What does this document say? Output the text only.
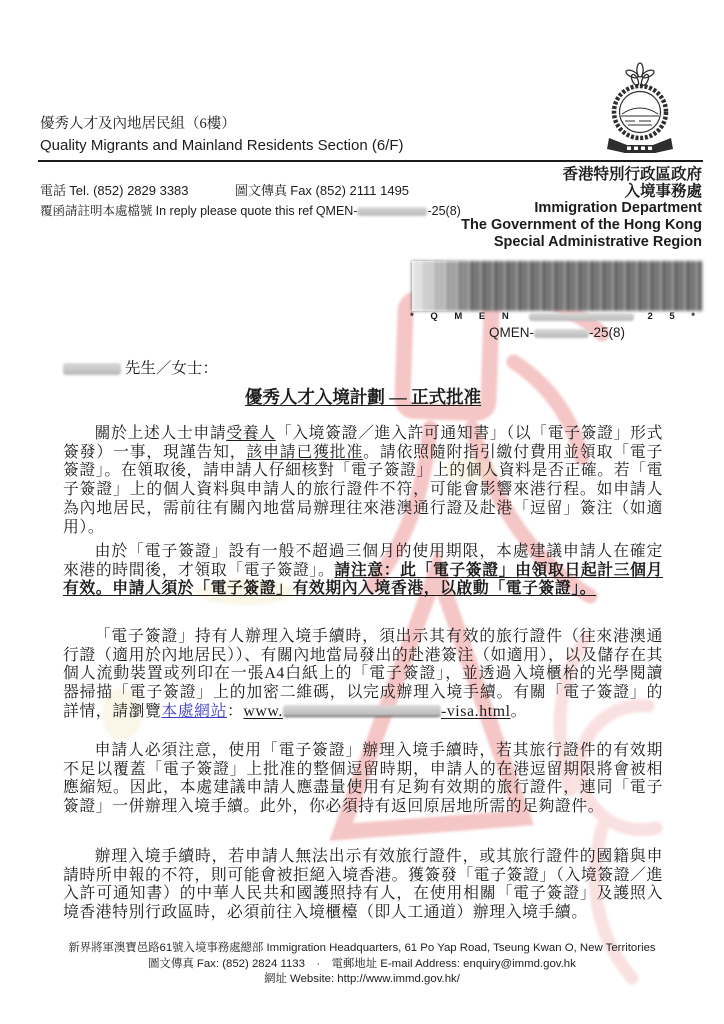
優秀人才及內地居民組（6樓）
Quality Migrants and Mainland Residents Section (6/F)
電話 Tel. (852) 2829 3383	圖文傳真 Fax (852) 2111 1495
覆函請註明本處檔號 In reply please quote this ref QMEN-	-25(8)
香港特別行政區政府
入境事務處
Immigration Department
The Government of the Hong Kong
Special Administrative Region
* Q M E N	2 5 *
QMEN-	-25(8)
先生／女士：
優秀人才入境計劃 — 正式批准
關於上述人士申請受養人「入境簽證／進入許可通知書」（以「電子簽證」形式簽發）一事，現謹告知，該申請已獲批准。請依照隨附指引繳付費用並領取「電子簽證」。在領取後，請申請人仔細核對「電子簽證」上的個人資料是否正確。若「電子簽證」上的個人資料與申請人的旅行證件不符，可能會影響來港行程。如申請人為內地居民，需前往有關內地當局辦理往來港澳通行證及赴港「逗留」簽注（如適用）。
由於「電子簽證」設有一般不超過三個月的使用期限，本處建議申請人在確定來港的時間後，才領取「電子簽證」。請注意：此「電子簽證」由領取日起計三個月有效。申請人須於「電子簽證」有效期內入境香港，以啟動「電子簽證」。
「電子簽證」持有人辦理入境手續時，須出示其有效的旅行證件（往來港澳通行證（適用於內地居民））、有關內地當局發出的赴港簽注（如適用），以及儲存在其個人流動裝置或列印在一張A4白紙上的「電子簽證」，並透過入境櫃枱的光學閱讀器掃描「電子簽證」上的加密二維碼，以完成辦理入境手續。有關「電子簽證」的詳情，請瀏覽本處網站：www.	-visa.html。
申請人必須注意，使用「電子簽證」辦理入境手續時，若其旅行證件的有效期不足以覆蓋「電子簽證」上批准的整個逗留時期，申請人的在港逗留期限將會被相應縮短。因此，本處建議申請人應盡量使用有足夠有效期的旅行證件，連同「電子簽證」一併辦理入境手續。此外，你必須持有返回原居地所需的足夠證件。
辦理入境手續時，若申請人無法出示有效旅行證件，或其旅行證件的國籍與申請時所申報的不符，則可能會被拒絕入境香港。獲簽發「電子簽證」（入境簽證／進入許可通知書）的中華人民共和國護照持有人，在使用相關「電子簽證」及護照入境香港特別行政區時，必須前往入境櫃檯（即人工通道）辦理入境手續。
新界將軍澳寶邑路61號入境事務處總部 Immigration Headquarters, 61 Po Yap Road, Tseung Kwan O, New Territories
圖文傳真 Fax: (852) 2824 1133　·　電郵地址 E-mail Address: enquiry@immd.gov.hk
網址 Website: http://www.immd.gov.hk/
